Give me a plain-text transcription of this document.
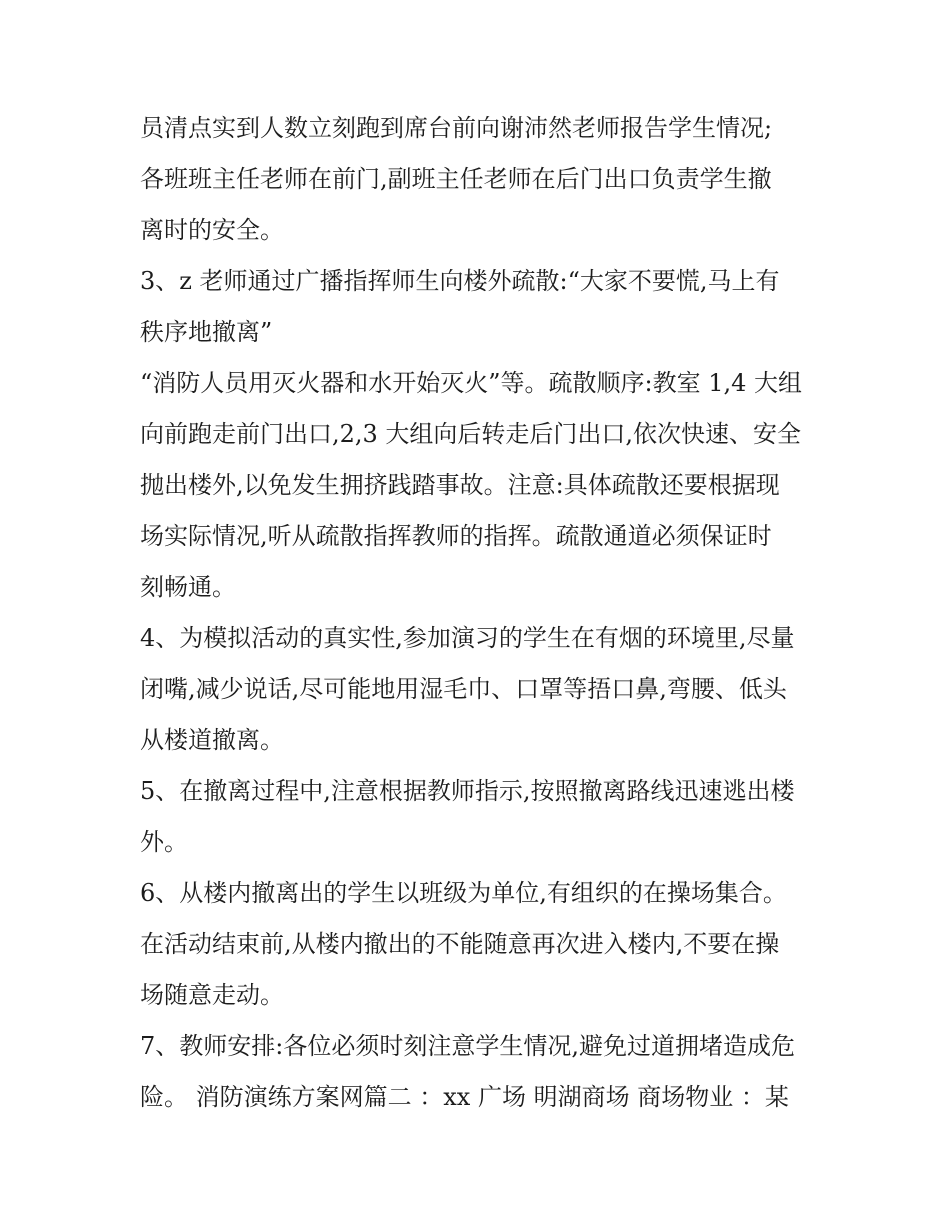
员清点实到人数立刻跑到席台前向谢沛然老师报告学生情况;
各班班主任老师在前门,副班主任老师在后门出口负责学生撤
离时的安全。
3、z 老师通过广播指挥师生向楼外疏散:“大家不要慌,马上有
秩序地撤离”
“消防人员用灭火器和水开始灭火”等。疏散顺序:教室 1,4 大组
向前跑走前门出口,2,3 大组向后转走后门出口,依次快速、安全
抛出楼外,以免发生拥挤践踏事故。注意:具体疏散还要根据现
场实际情况,听从疏散指挥教师的指挥。疏散通道必须保证时
刻畅通。
4、为模拟活动的真实性,参加演习的学生在有烟的环境里,尽量
闭嘴,减少说话,尽可能地用湿毛巾、口罩等捂口鼻,弯腰、低头
从楼道撤离。
5、在撤离过程中,注意根据教师指示,按照撤离路线迅速逃出楼
外。
6、从楼内撤离出的学生以班级为单位,有组织的在操场集合。
在活动结束前,从楼内撤出的不能随意再次进入楼内,不要在操
场随意走动。
7、教师安排:各位必须时刻注意学生情况,避免过道拥堵造成危
险。 消防演练方案网篇二 ：xx 广场 明湖商场 商场物业 ：某
